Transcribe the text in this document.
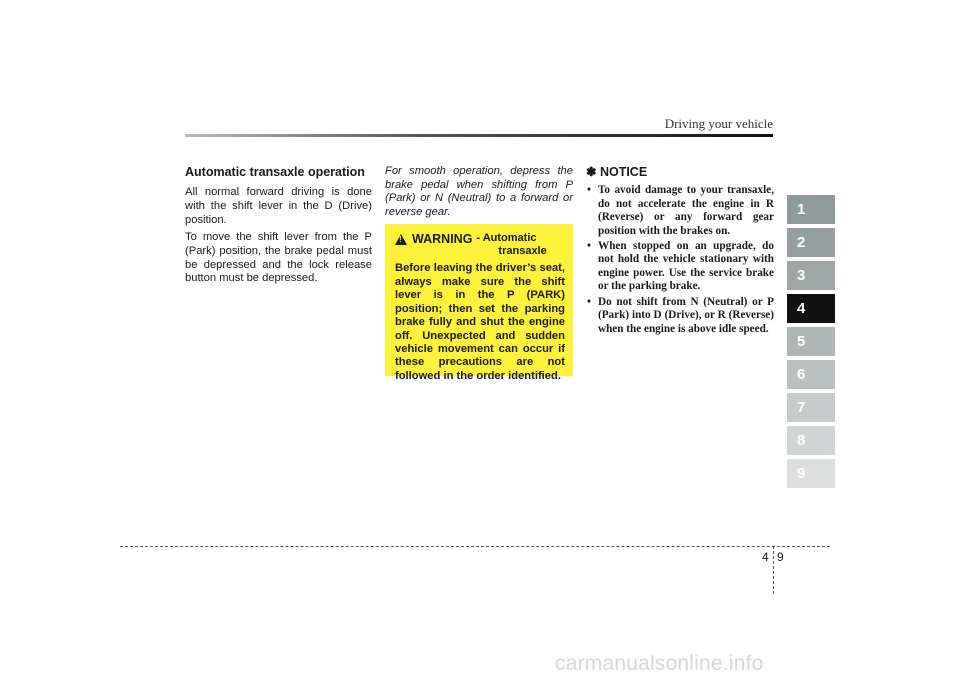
Driving your vehicle
Automatic transaxle operation

All normal forward driving is done with the shift lever in the D (Drive) position.

To move the shift lever from the P (Park) position, the brake pedal must be depressed and the lock release button must be depressed.

For smooth operation, depress the brake pedal when shifting from P (Park) or N (Neutral) to a forward or reverse gear.

!
WARNING - Automatic
transaxle
Before leaving the driver’s seat, always make sure the shift lever is in the P (PARK) position; then set the parking brake fully and shut the engine off. Unexpected and sudden vehicle movement can occur if these precautions are not followed in the order identified.
✽ NOTICE
• To avoid damage to your transaxle, do not accelerate the engine in R (Reverse) or any forward gear position with the brakes on.
• When stopped on an upgrade, do not hold the vehicle stationary with engine power. Use the service brake or the parking brake.
• Do not shift from N (Neutral) or P (Park) into D (Drive), or R (Reverse) when the engine is above idle speed.
1
2
3
4
5
6
7
8
9
4 9
carmanualsonline.info
